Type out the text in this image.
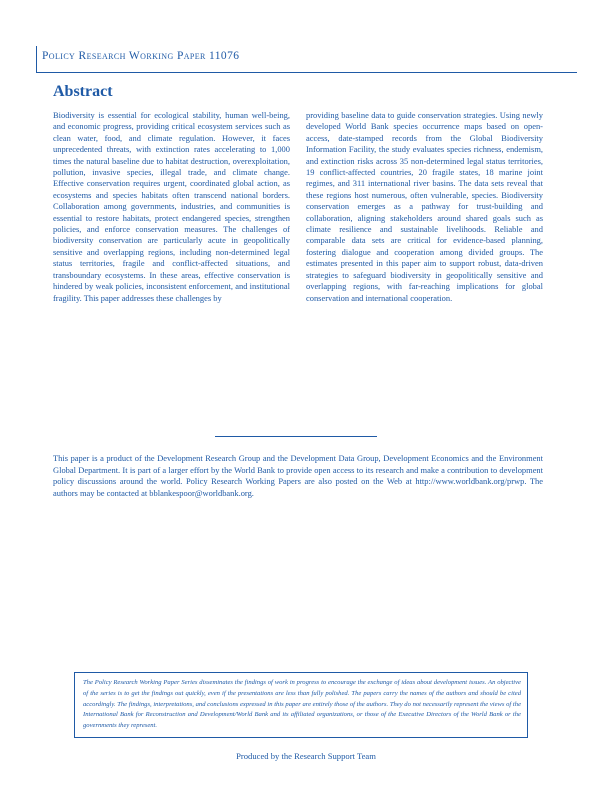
Policy Research Working Paper 11076
Abstract
Biodiversity is essential for ecological stability, human well-being, and economic progress, providing critical ecosystem services such as clean water, food, and climate regulation. However, it faces unprecedented threats, with extinction rates accelerating to 1,000 times the natural baseline due to habitat destruction, overexploitation, pollution, invasive species, illegal trade, and climate change. Effective conservation requires urgent, coordinated global action, as ecosystems and species habitats often transcend national borders. Collaboration among governments, industries, and communities is essential to restore habitats, protect endangered species, strengthen policies, and enforce conservation measures. The challenges of biodiversity conservation are particularly acute in geopolitically sensitive and overlapping regions, including non-determined legal status territories, fragile and conflict-affected situations, and transboundary ecosystems. In these areas, effective conservation is hindered by weak policies, inconsistent enforcement, and institutional fragility. This paper addresses these challenges by
providing baseline data to guide conservation strategies. Using newly developed World Bank species occurrence maps based on open-access, date-stamped records from the Global Biodiversity Information Facility, the study evaluates species richness, endemism, and extinction risks across 35 non-determined legal status territories, 19 conflict-affected countries, 20 fragile states, 18 marine joint regimes, and 311 international river basins. The data sets reveal that these regions host numerous, often vulnerable, species. Biodiversity conservation emerges as a pathway for trust-building and collaboration, aligning stakeholders around shared goals such as climate resilience and sustainable livelihoods. Reliable and comparable data sets are critical for evidence-based planning, fostering dialogue and cooperation among divided groups. The estimates presented in this paper aim to support robust, data-driven strategies to safeguard biodiversity in geopolitically sensitive and overlapping regions, with far-reaching implications for global conservation and international cooperation.
This paper is a product of the Development Research Group and the Development Data Group, Development Economics and the Environment Global Department. It is part of a larger effort by the World Bank to provide open access to its research and make a contribution to development policy discussions around the world. Policy Research Working Papers are also posted on the Web at http://www.worldbank.org/prwp. The authors may be contacted at bblankespoor@worldbank.org.
The Policy Research Working Paper Series disseminates the findings of work in progress to encourage the exchange of ideas about development issues. An objective of the series is to get the findings out quickly, even if the presentations are less than fully polished. The papers carry the names of the authors and should be cited accordingly. The findings, interpretations, and conclusions expressed in this paper are entirely those of the authors. They do not necessarily represent the views of the International Bank for Reconstruction and Development/World Bank and its affiliated organizations, or those of the Executive Directors of the World Bank or the governments they represent.
Produced by the Research Support Team
